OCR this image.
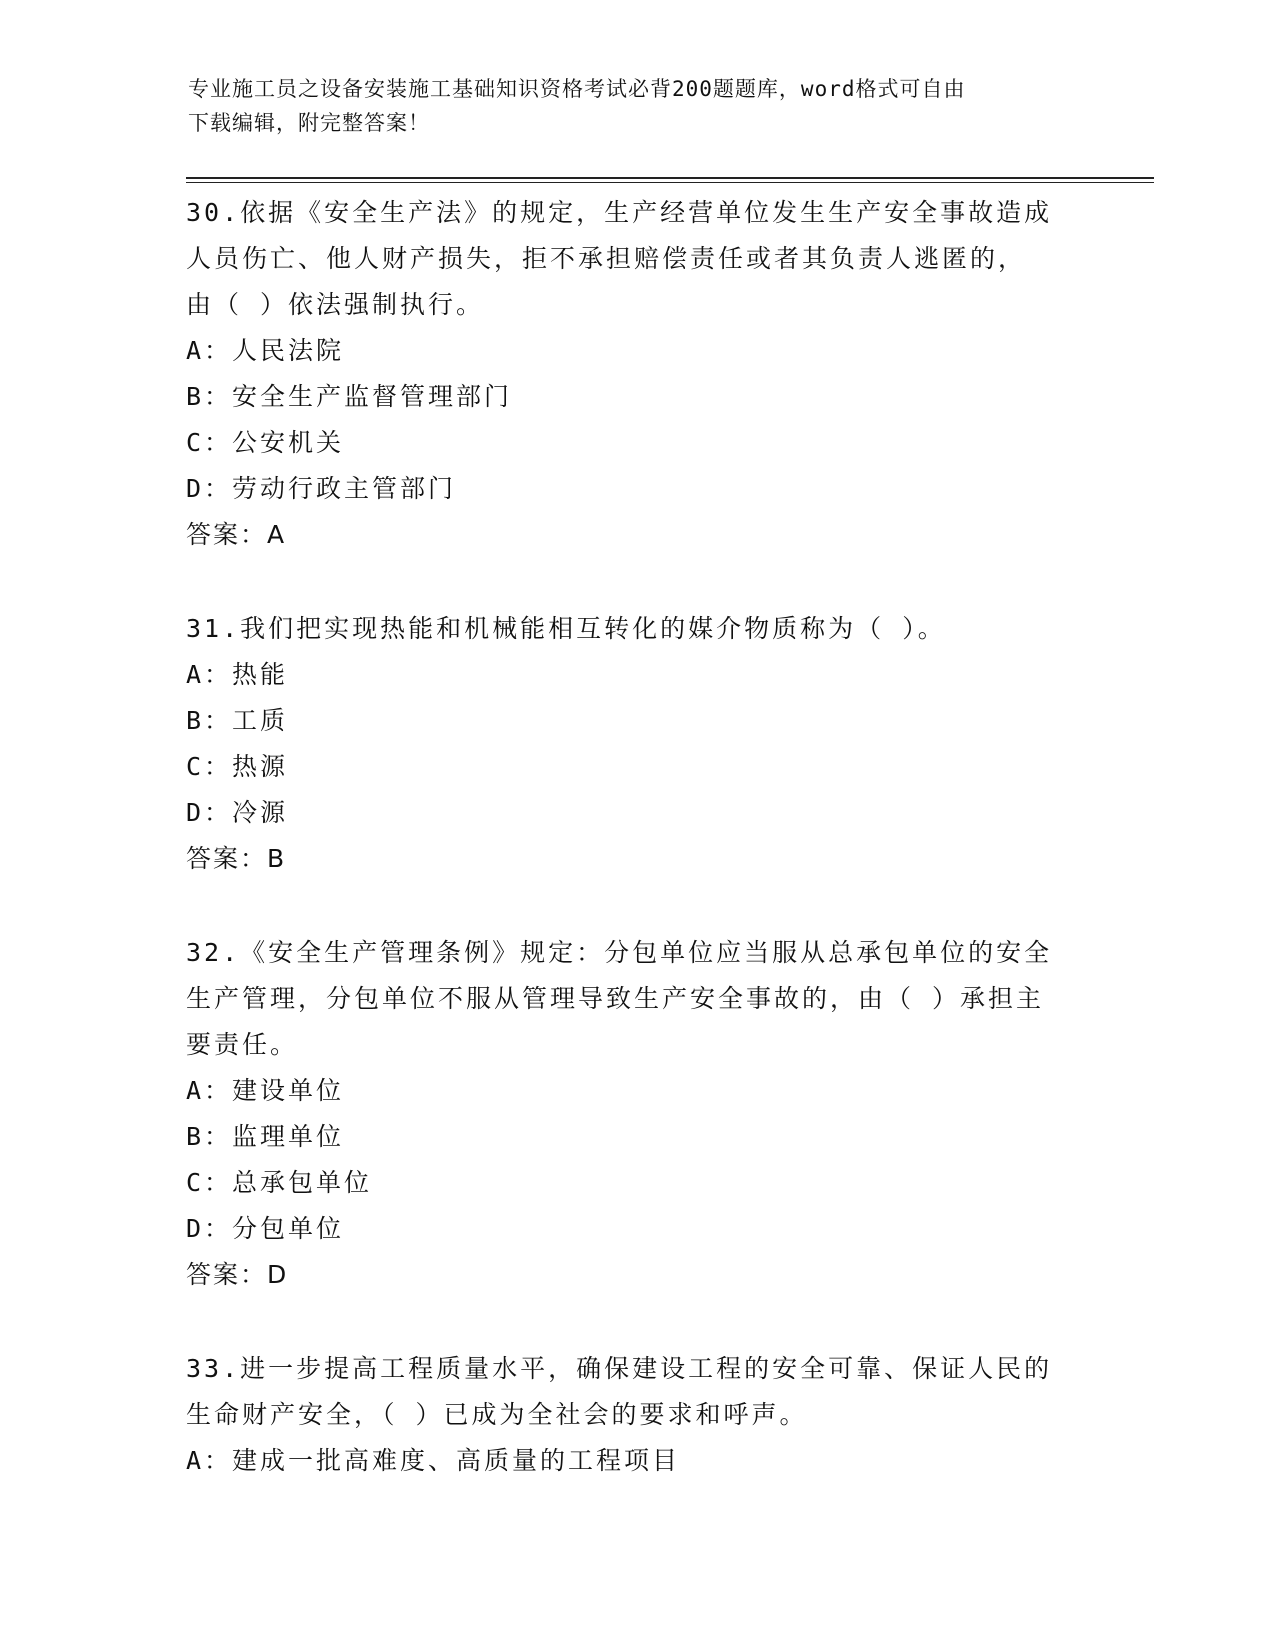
专业施工员之设备安装施工基础知识资格考试必背200题题库，word格式可自由
下载编辑，附完整答案！
30.依据《安全生产法》的规定，生产经营单位发生生产安全事故造成
人员伤亡、他人财产损失，拒不承担赔偿责任或者其负责人逃匿的，
由（ ）依法强制执行。
A：人民法院
B：安全生产监督管理部门
C：公安机关
D：劳动行政主管部门
答案：A
31.我们把实现热能和机械能相互转化的媒介物质称为（ ）。
A：热能
B：工质
C：热源
D：冷源
答案：B
32.《安全生产管理条例》规定：分包单位应当服从总承包单位的安全
生产管理，分包单位不服从管理导致生产安全事故的，由（ ）承担主
要责任。
A：建设单位
B：监理单位
C：总承包单位
D：分包单位
答案：D
33.进一步提高工程质量水平，确保建设工程的安全可靠、保证人民的
生命财产安全，（ ）已成为全社会的要求和呼声。
A：建成一批高难度、高质量的工程项目
